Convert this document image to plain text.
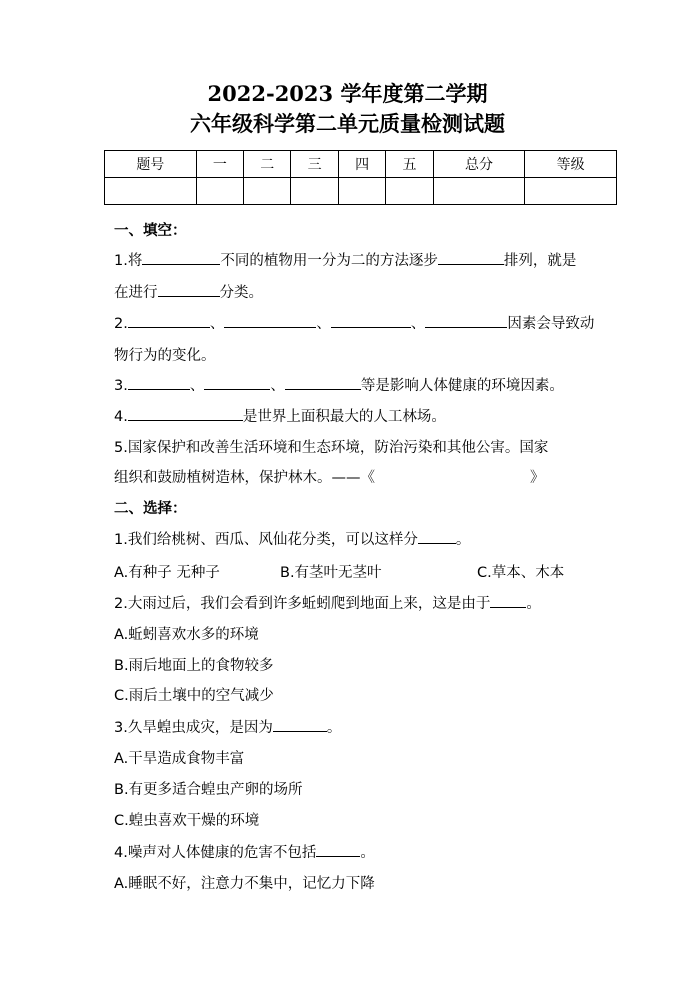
2022-2023 学年度第二学期
六年级科学第二单元质量检测试题
题号	一	二	三	四	五	总分	等级

一、填空：
1.将	不同的植物用一分为二的方法逐步	排列，就是
在进行	分类。
2.	、	、	、	因素会导致动
物行为的变化。
3.	、	、	等是影响人体健康的环境因素。
4.	是世界上面积最大的人工林场。
5.国家保护和改善生活环境和生态环境，防治污染和其他公害。国家
组织和鼓励植树造林，保护林木。——《	》
二、选择：
1.我们给桃树、西瓜、风仙花分类，可以这样分	。
A.有种子 无种子	B.有茎叶无茎叶	C.草本、木本
2.大雨过后，我们会看到许多蚯蚓爬到地面上来，这是由于 。
A.蚯蚓喜欢水多的环境
B.雨后地面上的食物较多
C.雨后土壤中的空气减少
3.久旱蝗虫成灾，是因为	。
A.干旱造成食物丰富
B.有更多适合蝗虫产卵的场所
C.蝗虫喜欢干燥的环境
4.噪声对人体健康的危害不包括	。
A.睡眠不好，注意力不集中，记忆力下降
